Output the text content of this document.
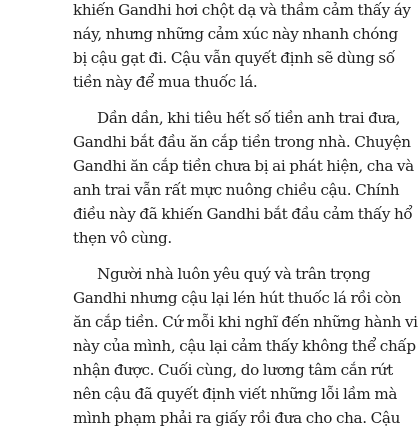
khiến Gandhi hơi chột dạ và thầm cảm thấy áy
náy, nhưng những cảm xúc này nhanh chóng
bị cậu gạt đi. Cậu vẫn quyết định sẽ dùng số
tiền này để mua thuốc lá.

Dần dần, khi tiêu hết số tiền anh trai đưa,
Gandhi bắt đầu ăn cắp tiền trong nhà. Chuyện
Gandhi ăn cắp tiền chưa bị ai phát hiện, cha và
anh trai vẫn rất mực nuông chiều cậu. Chính
điều này đã khiến Gandhi bắt đầu cảm thấy hổ
thẹn vô cùng.

Người nhà luôn yêu quý và trân trọng
Gandhi nhưng cậu lại lén hút thuốc lá rồi còn
ăn cắp tiền. Cứ mỗi khi nghĩ đến những hành vi
này của mình, cậu lại cảm thấy không thể chấp
nhận được. Cuối cùng, do lương tâm cắn rứt
nên cậu đã quyết định viết những lỗi lầm mà
mình phạm phải ra giấy rồi đưa cho cha. Cậu
